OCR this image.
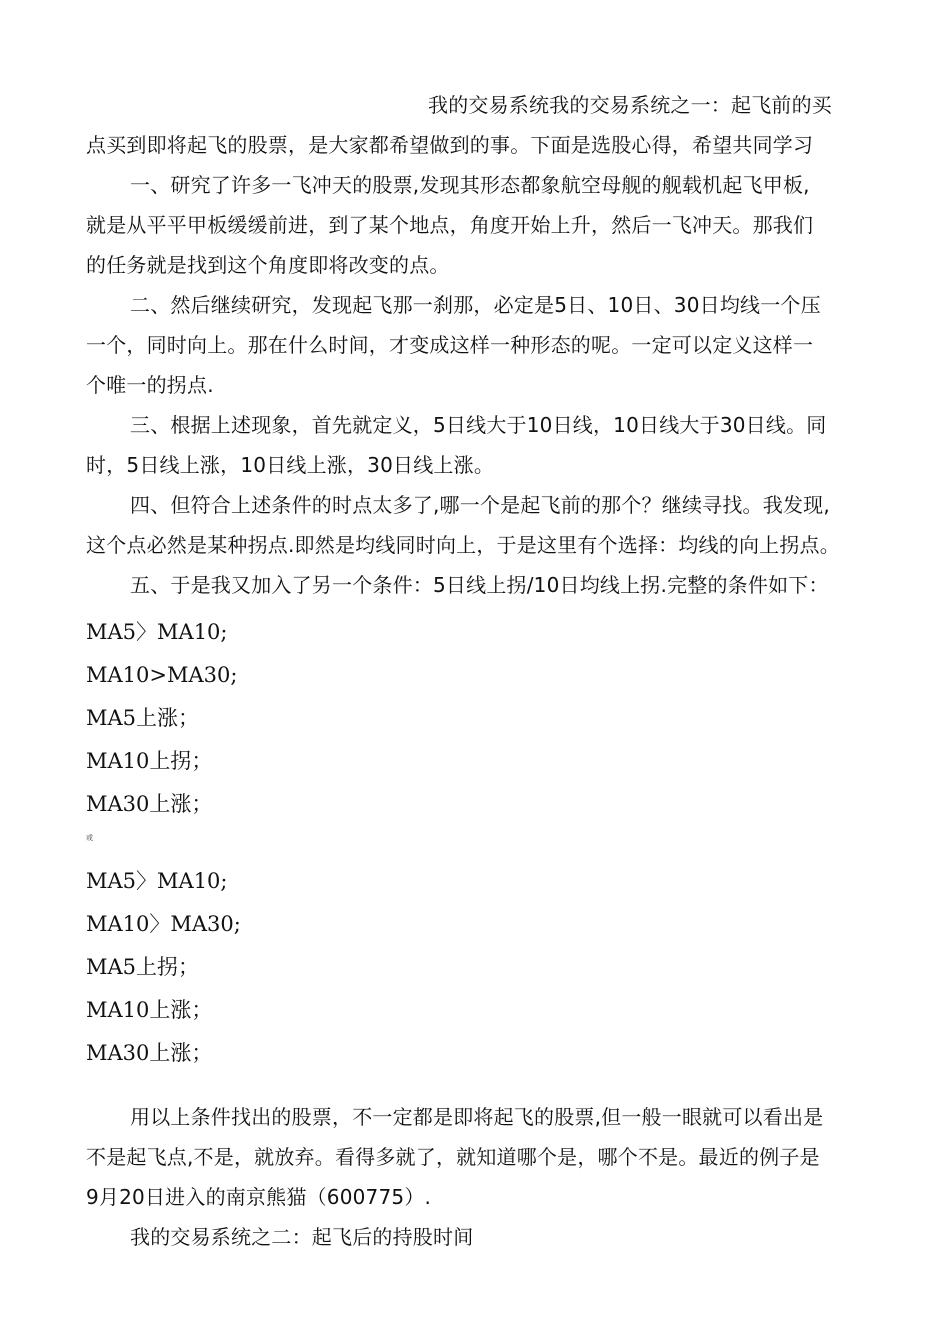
我的交易系统我的交易系统之一：起飞前的买
点买到即将起飞的股票，是大家都希望做到的事。下面是选股心得，希望共同学习
一、研究了许多一飞冲天的股票,发现其形态都象航空母舰的舰载机起飞甲板,
就是从平平甲板缓缓前进，到了某个地点，角度开始上升，然后一飞冲天。那我们
的任务就是找到这个角度即将改变的点。
二、然后继续研究，发现起飞那一刹那，必定是5日、10日、30日均线一个压
一个，同时向上。那在什么时间，才变成这样一种形态的呢。一定可以定义这样一
个唯一的拐点.
三、根据上述现象，首先就定义，5日线大于10日线，10日线大于30日线。同
时，5日线上涨，10日线上涨，30日线上涨。
四、但符合上述条件的时点太多了,哪一个是起飞前的那个？继续寻找。我发现,
这个点必然是某种拐点.即然是均线同时向上，于是这里有个选择：均线的向上拐点。
五、于是我又加入了另一个条件：5日线上拐/10日均线上拐.完整的条件如下：
MA5〉MA10;
MA10>MA30;
MA5上涨；
MA10上拐；
MA30上涨；
或
MA5〉MA10;
MA10〉MA30;
MA5上拐；
MA10上涨；
MA30上涨；
用以上条件找出的股票，不一定都是即将起飞的股票,但一般一眼就可以看出是
不是起飞点,不是，就放弃。看得多就了，就知道哪个是，哪个不是。最近的例子是
9月20日进入的南京熊猫（600775）.
我的交易系统之二：起飞后的持股时间
